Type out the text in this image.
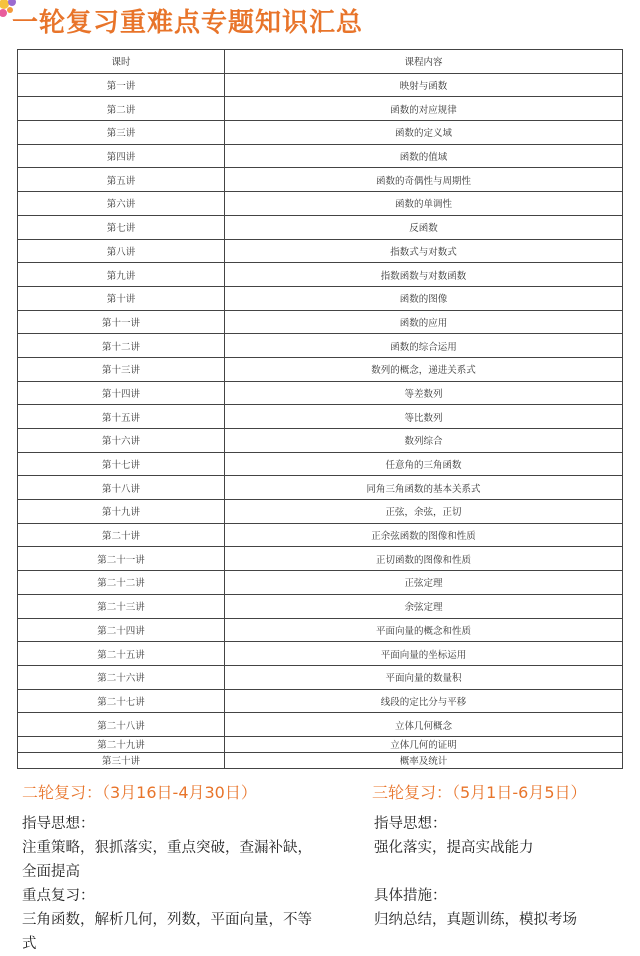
一轮复习重难点专题知识汇总
课时	课程内容
第一讲	映射与函数
第二讲	函数的对应规律
第三讲	函数的定义域
第四讲	函数的值域
第五讲	函数的奇偶性与周期性
第六讲	函数的单调性
第七讲	反函数
第八讲	指数式与对数式
第九讲	指数函数与对数函数
第十讲	函数的图像
第十一讲	函数的应用
第十二讲	函数的综合运用
第十三讲	数列的概念，递进关系式
第十四讲	等差数列
第十五讲	等比数列
第十六讲	数列综合
第十七讲	任意角的三角函数
第十八讲	同角三角函数的基本关系式
第十九讲	正弦，余弦，正切
第二十讲	正余弦函数的图像和性质
第二十一讲	正切函数的图像和性质
第二十二讲	正弦定理
第二十三讲	余弦定理
第二十四讲	平面向量的概念和性质
第二十五讲	平面向量的坐标运用
第二十六讲	平面向量的数量积
第二十七讲	线段的定比分与平移
第二十八讲	立体几何概念
第二十九讲	立体几何的证明
第三十讲	概率及统计
二轮复习：（3月16日-4月30日）
指导思想：
注重策略，狠抓落实，重点突破，查漏补缺，全面提高
重点复习：
三角函数，解析几何，列数，平面向量，不等式
三轮复习：（5月1日-6月5日）
指导思想：
强化落实，提高实战能力
具体措施：
归纳总结，真题训练，模拟考场
